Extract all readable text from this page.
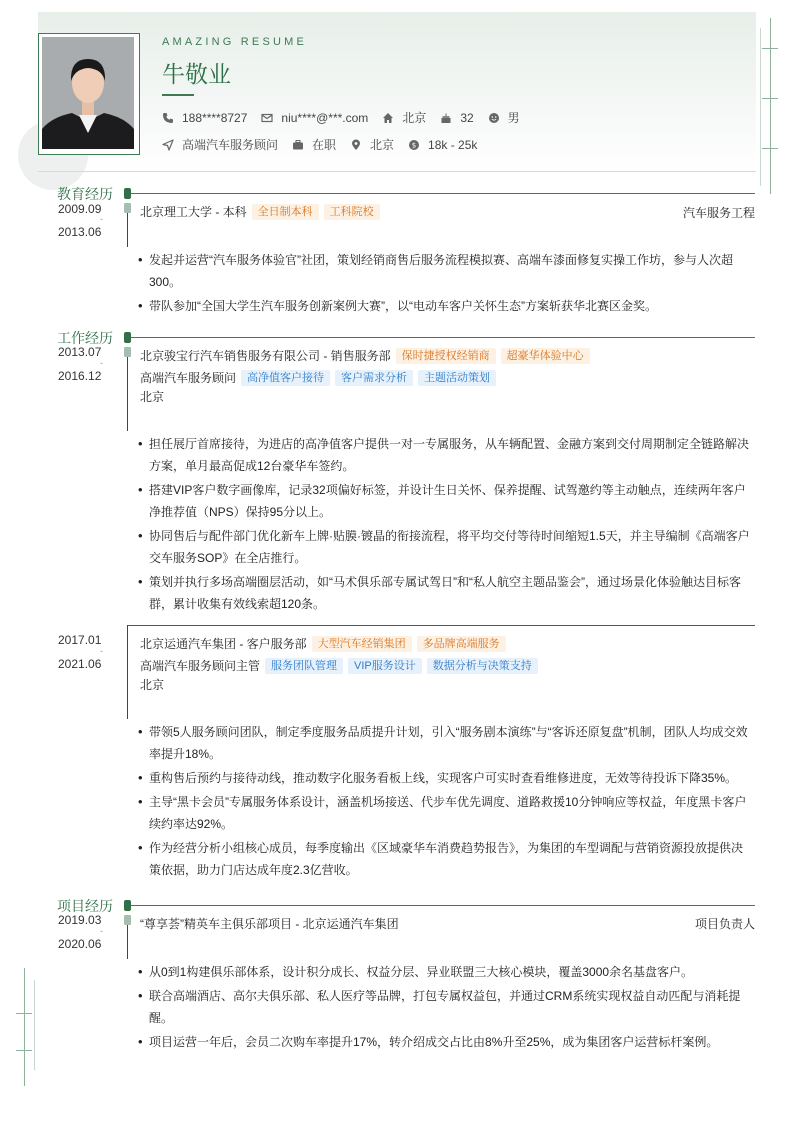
AMAZING RESUME
牛敬业
188****8727	niu****@***.com	北京	32	男
高端汽车服务顾问	在职	北京	$ 18k - 25k
教育经历
2009.09
-
2013.06
北京理工大学 - 本科	全日制本科	工科院校	汽车服务工程
• 发起并运营“汽车服务体验官”社团，策划经销商售后服务流程模拟赛、高端车漆面修复实操工作坊，参与人次超300。
• 带队参加“全国大学生汽车服务创新案例大赛”，以“电动车客户关怀生态”方案斩获华北赛区金奖。
工作经历
2013.07
-
2016.12
北京骏宝行汽车销售服务有限公司 - 销售服务部	保时捷授权经销商	超豪华体验中心
高端汽车服务顾问	高净值客户接待	客户需求分析	主题活动策划
北京
• 担任展厅首席接待，为进店的高净值客户提供一对一专属服务，从车辆配置、金融方案到交付周期制定全链路解决方案，单月最高促成12台豪华车签约。
• 搭建VIP客户数字画像库，记录32项偏好标签，并设计生日关怀、保养提醒、试驾邀约等主动触点，连续两年客户净推荐值（NPS）保持95分以上。
• 协同售后与配件部门优化新车上牌·贴膜·镀晶的衔接流程，将平均交付等待时间缩短1.5天，并主导编制《高端客户交车服务SOP》在全店推行。
• 策划并执行多场高端圈层活动，如“马术俱乐部专属试驾日”和“私人航空主题品鉴会”，通过场景化体验触达目标客群，累计收集有效线索超120条。
2017.01
-
2021.06
北京运通汽车集团 - 客户服务部	大型汽车经销集团	多品牌高端服务
高端汽车服务顾问主管	服务团队管理	VIP服务设计	数据分析与决策支持
北京
• 带领5人服务顾问团队，制定季度服务品质提升计划，引入“服务剧本演练”与“客诉还原复盘”机制，团队人均成交效率提升18%。
• 重构售后预约与接待动线，推动数字化服务看板上线，实现客户可实时查看维修进度，无效等待投诉下降35%。
• 主导“黑卡会员”专属服务体系设计，涵盖机场接送、代步车优先调度、道路救援10分钟响应等权益，年度黑卡客户续约率达92%。
• 作为经营分析小组核心成员，每季度输出《区域豪华车消费趋势报告》，为集团的车型调配与营销资源投放提供决策依据，助力门店达成年度2.3亿营收。
项目经历
2019.03
-
2020.06
“尊享荟”精英车主俱乐部项目 - 北京运通汽车集团	项目负责人
• 从0到1构建俱乐部体系，设计积分成长、权益分层、异业联盟三大核心模块，覆盖3000余名基盘客户。
• 联合高端酒店、高尔夫俱乐部、私人医疗等品牌，打包专属权益包，并通过CRM系统实现权益自动匹配与消耗提醒。
• 项目运营一年后，会员二次购车率提升17%，转介绍成交占比由8%升至25%，成为集团客户运营标杆案例。
